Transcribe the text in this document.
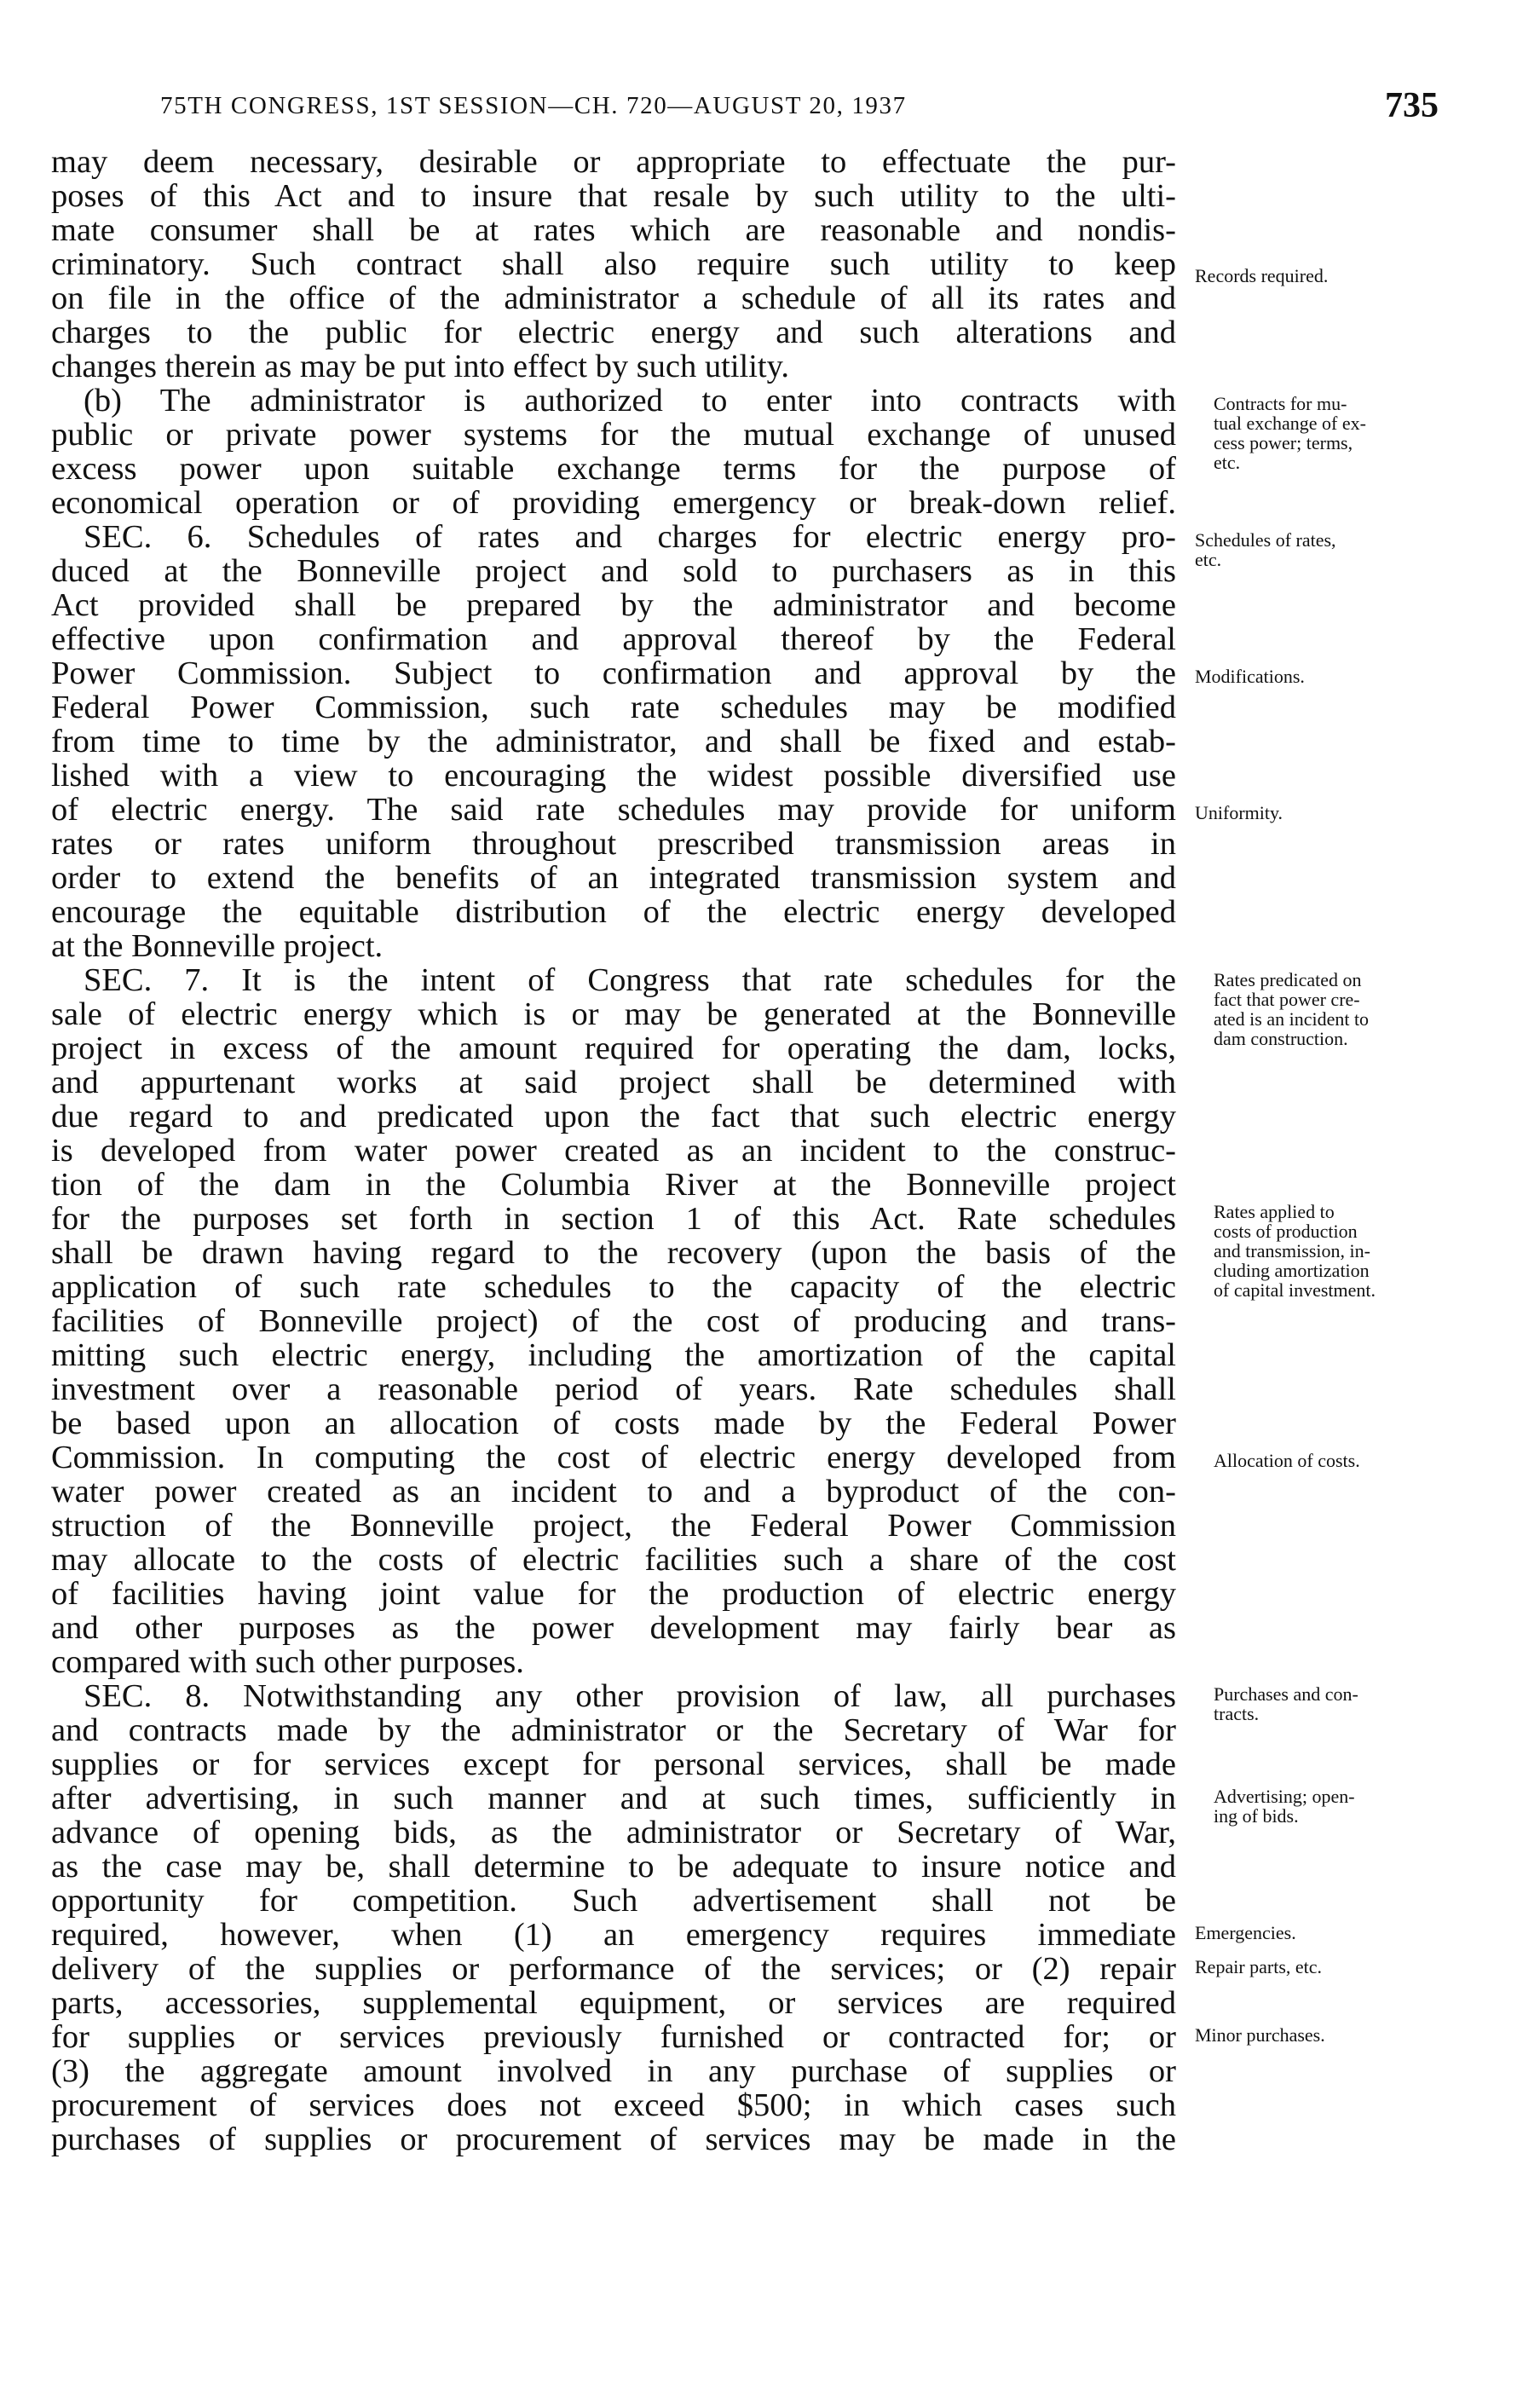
75TH CONGRESS, 1ST SESSION—CH. 720—AUGUST 20, 1937	735
may deem necessary, desirable or appropriate to effectuate the pur-
poses of this Act and to insure that resale by such utility to the ulti-
mate consumer shall be at rates which are reasonable and nondis-
criminatory. Such contract shall also require such utility to keep
on file in the office of the administrator a schedule of all its rates and
charges to the public for electric energy and such alterations and
changes therein as may be put into effect by such utility.
(b) The administrator is authorized to enter into contracts with
public or private power systems for the mutual exchange of unused
excess power upon suitable exchange terms for the purpose of
economical operation or of providing emergency or break-down relief.
SEC. 6. Schedules of rates and charges for electric energy pro-
duced at the Bonneville project and sold to purchasers as in this
Act provided shall be prepared by the administrator and become
effective upon confirmation and approval thereof by the Federal
Power Commission. Subject to confirmation and approval by the
Federal Power Commission, such rate schedules may be modified
from time to time by the administrator, and shall be fixed and estab-
lished with a view to encouraging the widest possible diversified use
of electric energy. The said rate schedules may provide for uniform
rates or rates uniform throughout prescribed transmission areas in
order to extend the benefits of an integrated transmission system and
encourage the equitable distribution of the electric energy developed
at the Bonneville project.
SEC. 7. It is the intent of Congress that rate schedules for the
sale of electric energy which is or may be generated at the Bonneville
project in excess of the amount required for operating the dam, locks,
and appurtenant works at said project shall be determined with
due regard to and predicated upon the fact that such electric energy
is developed from water power created as an incident to the construc-
tion of the dam in the Columbia River at the Bonneville project
for the purposes set forth in section 1 of this Act. Rate schedules
shall be drawn having regard to the recovery (upon the basis of the
application of such rate schedules to the capacity of the electric
facilities of Bonneville project) of the cost of producing and trans-
mitting such electric energy, including the amortization of the capital
investment over a reasonable period of years. Rate schedules shall
be based upon an allocation of costs made by the Federal Power
Commission. In computing the cost of electric energy developed from
water power created as an incident to and a byproduct of the con-
struction of the Bonneville project, the Federal Power Commission
may allocate to the costs of electric facilities such a share of the cost
of facilities having joint value for the production of electric energy
and other purposes as the power development may fairly bear as
compared with such other purposes.
SEC. 8. Notwithstanding any other provision of law, all purchases
and contracts made by the administrator or the Secretary of War for
supplies or for services except for personal services, shall be made
after advertising, in such manner and at such times, sufficiently in
advance of opening bids, as the administrator or Secretary of War,
as the case may be, shall determine to be adequate to insure notice and
opportunity for competition. Such advertisement shall not be
required, however, when (1) an emergency requires immediate
delivery of the supplies or performance of the services; or (2) repair
parts, accessories, supplemental equipment, or services are required
for supplies or services previously furnished or contracted for; or
(3) the aggregate amount involved in any purchase of supplies or
procurement of services does not exceed $500; in which cases such
purchases of supplies or procurement of services may be made in the
Records required.
Contracts for mu-
tual exchange of ex-
cess power; terms,
etc.
Schedules of rates,
etc.
Modifications.
Uniformity.
Rates predicated on
fact that power cre-
ated is an incident to
dam construction.
Rates applied to
costs of production
and transmission, in-
cluding amortization
of capital investment.
Allocation of costs.
Purchases and con-
tracts.
Advertising; open-
ing of bids.
Emergencies.
Repair parts, etc.
Minor purchases.
